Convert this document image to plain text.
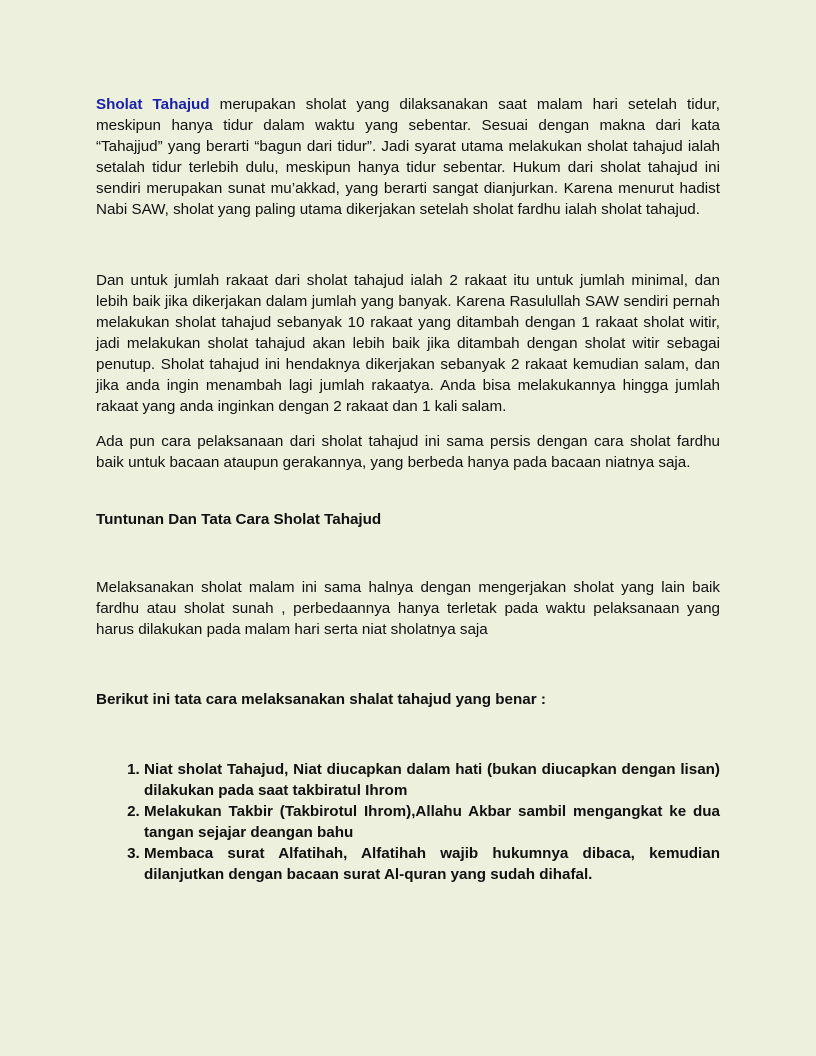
Sholat Tahajud merupakan sholat yang dilaksanakan saat malam hari setelah tidur, meskipun hanya tidur dalam waktu yang sebentar. Sesuai dengan makna dari kata “Tahajjud” yang berarti “bagun dari tidur”. Jadi syarat utama melakukan sholat tahajud ialah setalah tidur terlebih dulu, meskipun hanya tidur sebentar. Hukum dari sholat tahajud ini sendiri merupakan sunat mu’akkad, yang berarti sangat dianjurkan. Karena menurut hadist Nabi SAW, sholat yang paling utama dikerjakan setelah sholat fardhu ialah sholat tahajud.

Dan untuk jumlah rakaat dari sholat tahajud ialah 2 rakaat itu untuk jumlah minimal, dan lebih baik jika dikerjakan dalam jumlah yang banyak. Karena Rasulullah SAW sendiri pernah melakukan sholat tahajud sebanyak 10 rakaat yang ditambah dengan 1 rakaat sholat witir, jadi melakukan sholat tahajud akan lebih baik jika ditambah dengan sholat witir sebagai penutup. Sholat tahajud ini hendaknya dikerjakan sebanyak 2 rakaat kemudian salam, dan jika anda ingin menambah lagi jumlah rakaatya. Anda bisa melakukannya hingga jumlah rakaat yang anda inginkan dengan 2 rakaat dan 1 kali salam.

Ada pun cara pelaksanaan dari sholat tahajud ini sama persis dengan cara sholat fardhu baik untuk bacaan ataupun gerakannya, yang berbeda hanya pada bacaan niatnya saja.

Tuntunan Dan Tata Cara Sholat Tahajud

Melaksanakan sholat malam ini sama halnya dengan mengerjakan sholat yang lain baik fardhu atau sholat sunah , perbedaannya hanya terletak pada waktu pelaksanaan yang harus dilakukan pada malam hari serta niat sholatnya saja

Berikut ini tata cara melaksanakan shalat tahajud yang benar :
1. Niat sholat Tahajud, Niat diucapkan dalam hati (bukan diucapkan dengan lisan) dilakukan pada saat takbiratul Ihrom
2. Melakukan Takbir (Takbirotul Ihrom),Allahu Akbar sambil mengangkat ke dua tangan sejajar deangan bahu
3. Membaca surat Alfatihah, Alfatihah wajib hukumnya dibaca, kemudian dilanjutkan dengan bacaan surat Al-quran yang sudah dihafal.
